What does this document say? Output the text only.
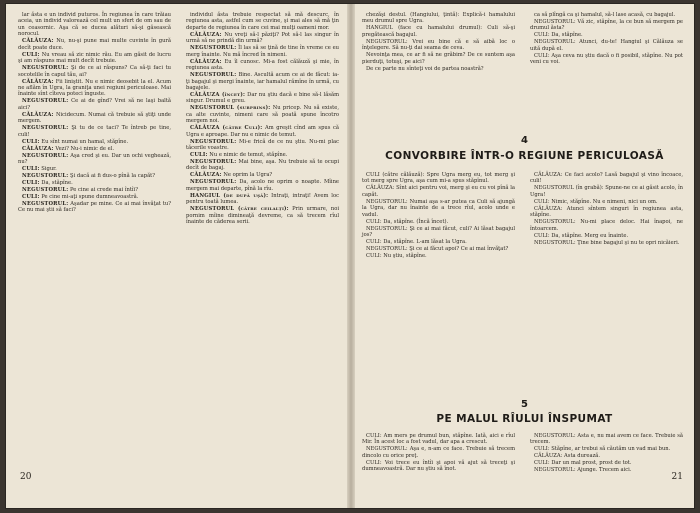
lar ăsta e un individ puturos. În regiunea în care trăiau aceia, un individ valorează cel mult un sfert de om sau de un ceasornic. Aşa că se ducea alături să-şi găsească norocul.

CĂLĂUZA: Nu, nu-şi pune mai multe cuvinte în gură decît poate duce.

CULI: Nu vreau să zic nimic rău. Eu am găsit de lucru şi am răspuns mai mult decît trebuie.

NEGUSTORUL: Şi de ce ai răspuns? Ca să-ţi faci tu socotelile în capul tău, ai?

CĂLĂUZA: Fii liniştit. Nu e nimic deosebit la el. Acum ne aflăm în Ugra, la graniţa unei regiuni periculoase. Mai înainte sînt cîteva poteci înguste.

NEGUSTORUL: Ce ai de gînd? Vrei să ne laşi baltă aici?

CĂLĂUZA: Nicidecum. Numai că trebuie să ştiţi unde mergem.

NEGUSTORUL: Şi tu de ce taci? Te întreb pe tine, culi!

CULI: Eu sînt numai un hamal, stăpîne.

CĂLĂUZA: Vezi? Nu-i nimic de el.

NEGUSTORUL: Aşa cred şi eu. Dar un ochi veghează, nu?

CULI: Sigur.

NEGUSTORUL: Şi dacă ai fi dus-o pînă la capăt?

CULI: Da, stăpîne.

NEGUSTORUL: Pe cine ai crede mai întîi?

CULI: Pe cine mi-aţi spune dumneavoastră.

NEGUSTORUL: Aşadar pe mine. Ce ai mai învăţat tu? Ce nu mai ştii să faci?

individul ăsta trebuie respectat să mă descurc, în regiunea asta, astfel cum se cuvine, şi mai ales să mă ţin departe de regiunea în care cei mai mulţi oameni mor.

CĂLĂUZA: Nu vreţi să-l păziţi? Pot să-l las singur în urmă să ne prindă din urmă?

NEGUSTORUL: Îl las să se ţină de tine în vreme ce eu merg înainte. Nu mă încred în nimeni.

CĂLĂUZA: Eu îl cunosc. Mi-a fost călăuză şi mie, în regiunea asta.

NEGUSTORUL: Bine. Ascultă acum ce ai de făcut: ia-ţi bagajul şi mergi înainte, iar hamalul rămîne în urmă, cu bagajele.

CĂLĂUZA (încet): Dar nu ştiu dacă e bine să-l lăsăm singur. Drumul e greu.

NEGUSTORUL (surprins): Nu pricep. Nu să existe, ca alte cuvinte, nimeni care să poată spune încotro mergem noi.

CĂLĂUZA (către Culi): Am greşit cînd am spus că Ugra e aproape. Dar nu e nimic de temut.

NEGUSTORUL: Mi-e frică de ce nu ştiu. Nu-mi plac tăcerile voastre.

CULI: Nu e nimic de temut, stăpîne.

NEGUSTORUL: Mai bine, aşa. Nu trebuie să te ocupi decît de bagaj.

CĂLĂUZA: Ne oprim la Ugra?

NEGUSTORUL: Da, acolo ne oprim o noapte. Mîine mergem mai departe, pînă la rîu.

HANGIUL (de după uşă): Intraţi, intraţi! Avem loc pentru toată lumea.

NEGUSTORUL (către ceilalţi): Prin urmare, noi pornim mîine dimineaţă devreme, ca să trecem rîul înainte de căderea serii.

20

chezăşi destul. (Hangiului, ţintă): Explică-i hamalului meu drumul spre Ugra.

HANGIUL (face cu hamalului drumul): Culi să-şi pregătească bagajul.

NEGUSTORUL: Vrei eu bine că e să aibă loc o înţelegere. Să nu-ţi dai seama de ceva.

Nevoinţa mea, ce ar fi să ne grăbim? De ce suntem aşa pierduţi, totuşi, pe aici?

De ce parte nu sînteţi voi de partea noastră?

ca să plîngă ca şi hamalul, să-l lase acasă, cu bagajul.

NEGUSTORUL: Vă zic, stăpîne, la ce bun să mergem pe drumul ăsta?

CULI: Da, stăpîne.

NEGUSTORUL: Atunci, du-te! Hangiul şi Călăuza se uită după el.

CULI: Aşa ceva nu ştiu dacă o fi posibil, stăpîne. Nu pot veni cu voi.

4
CONVORBIRE ÎNTR-O REGIUNE PERICULOASĂ

CULI (către călăuză): Spre Ugra merg eu, tot merg şi tot merg spre Ugra, aşa cum mi-a spus stăpînul.

CĂLĂUZA: Sînt aici pentru voi, merg şi eu cu voi pînă la capăt.

NEGUSTORUL: Numai aşa s-ar putea ca Culi să ajungă la Ugra, dar nu înainte de a trece rîul, acolo unde e vadul.

CULI: Da, stăpîne. (Încă încet).

NEGUSTORUL: Şi ce ai mai făcut, culi? Ai lăsat bagajul jos?

CULI: Da, stăpîne. L-am lăsat la Ugra.

NEGUSTORUL: Şi ce ai făcut apoi? Ce ai mai învăţat?

CULI: Nu ştiu, stăpîne.

CĂLĂUZA: Ce faci acolo? Lasă bagajul şi vino încoace, culi!

NEGUSTORUL (în grabă): Spune-ne ce ai găsit acolo, în Ugra!

CULI: Nimic, stăpîne. Nu e nimeni, nici un om.

CĂLĂUZA: Atunci sîntem singuri în regiunea asta, stăpîne.

NEGUSTORUL: Nu-mi place deloc. Hai înapoi, ne întoarcem.

CULI: Da, stăpîne. Merg eu înainte.

NEGUSTORUL: Ţine bine bagajul şi nu te opri nicăieri.

5
PE MALUL RÎULUI ÎNSPUMAT

CULI: Am mers pe drumul bun, stăpîne. Iată, aici e rîul Mir. În acest loc a fost vadul, dar apa a crescut.

NEGUSTORUL: Aşa e, n-am ce face. Trebuie să trecem dincolo cu orice preţ.

CULI: Voi trece eu întîi şi apoi vă ajut să treceţi şi dumneavoastră. Dar nu ştiu să înot.

NEGUSTORUL: Asta e, nu mai avem ce face. Trebuie să trecem.

CULI: Stăpîne, ar trebui să căutăm un vad mai bun.

CĂLĂUZA: Asta durează.

CULI: Dar un mal prost, prost de tot.

NEGUSTORUL: Ajunge. Trecem aici.

21
